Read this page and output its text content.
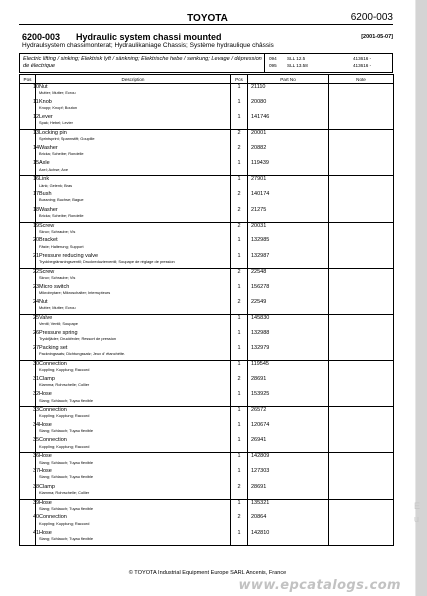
TOYOTA	6200-003
6200-003 Hydraulic system chassi mounted	[2001-05-07]
Hydraulsystem chassimonterat; Hydraulikaniage Chassis; Système hydraulique châssis
Electric lifting / sinking; Elektrisk lyft / sänkning; Elektrische hebe / senkung; Levage / dépression de électrique
094 SLL 12.5	413616 -
095 SLL 13.58	413616 -
Pos	Description	Pcs	Part No	Note
10	Nut
Mutter; Mutter; Ecrou	1	21110	
11	Knob
Knopp; Knopf; Bouton	1	20080	
12	Lever
Spak; Hebel; Levier	1	141746	
13	Locking pin
Sprintsprint; Spannstift; Goupille	2	20001	
14	Washer
Bricka; Scheibe; Rondelle	2	20882	
15	Axle
Axel; Achse; Axe	1	119439	
16	Link
Länk; Gelenk; Bras	1	27901	
17	Bush
Bussning; Buchse; Bague	2	140174	
18	Washer
Bricka; Scheibe; Rondelle	2	21275	
19	Screw
Skruv; Schraube; Vis	2	20031	
20	Bracket
Fäste; Halterung; Support	1	132985	
21	Pressure reducing valve
Tryckbegränsningsventil; Druckreduzierventil; Soupape de réglage de pression	1	132987	
22	Screw
Skruv; Schraube; Vis	2	22548	
23	Micro switch
Mikrobrytare; Mikroschalter; Interrupteurs	1	156278	
24	Nut
Mutter; Mutter; Ecrou	2	22549	
25	Valve
Ventil; Ventil; Soupape	1	145830	
26	Pressure spring
Tryckfjäder; Druckfeder; Ressort de pression	1	132988	
27	Packing set
Packningssats; Dichtungssatz; Jeux d' étanchéite.	1	132979	
30	Connection
Koppling; Kupplung; Raccord	1	119545	
31	Clamp
Klamma; Rohrschelle; Collier	2	28691	
32	Hose
Slang; Schlauch; Tuyau flexible	1	153925	
33	Connection
Koppling; Kupplung; Raccord	1	26572	
34	Hose
Slang; Schlauch; Tuyau flexible	1	120674	
35	Connection
Koppling; Kupplung; Raccord	1	26941	
36	Hose
Slang; Schlauch; Tuyau flexible	1	142809	
37	Hose
Slang; Schlauch; Tuyau flexible	1	127303	
38	Clamp
Klamma; Rohrschelle; Collier	2	28691	
39	Hose
Slang; Schlauch; Tuyau flexible	1	135321	
40	Connection
Koppling; Kupplung; Raccord	2	20864	
41	Hose
Slang; Schlauch; Tuyau flexible	1	142810	
© TOYOTA Industrial Equipment Europe SARL Ancenis, France
www.epcatalogs.com
E
u
